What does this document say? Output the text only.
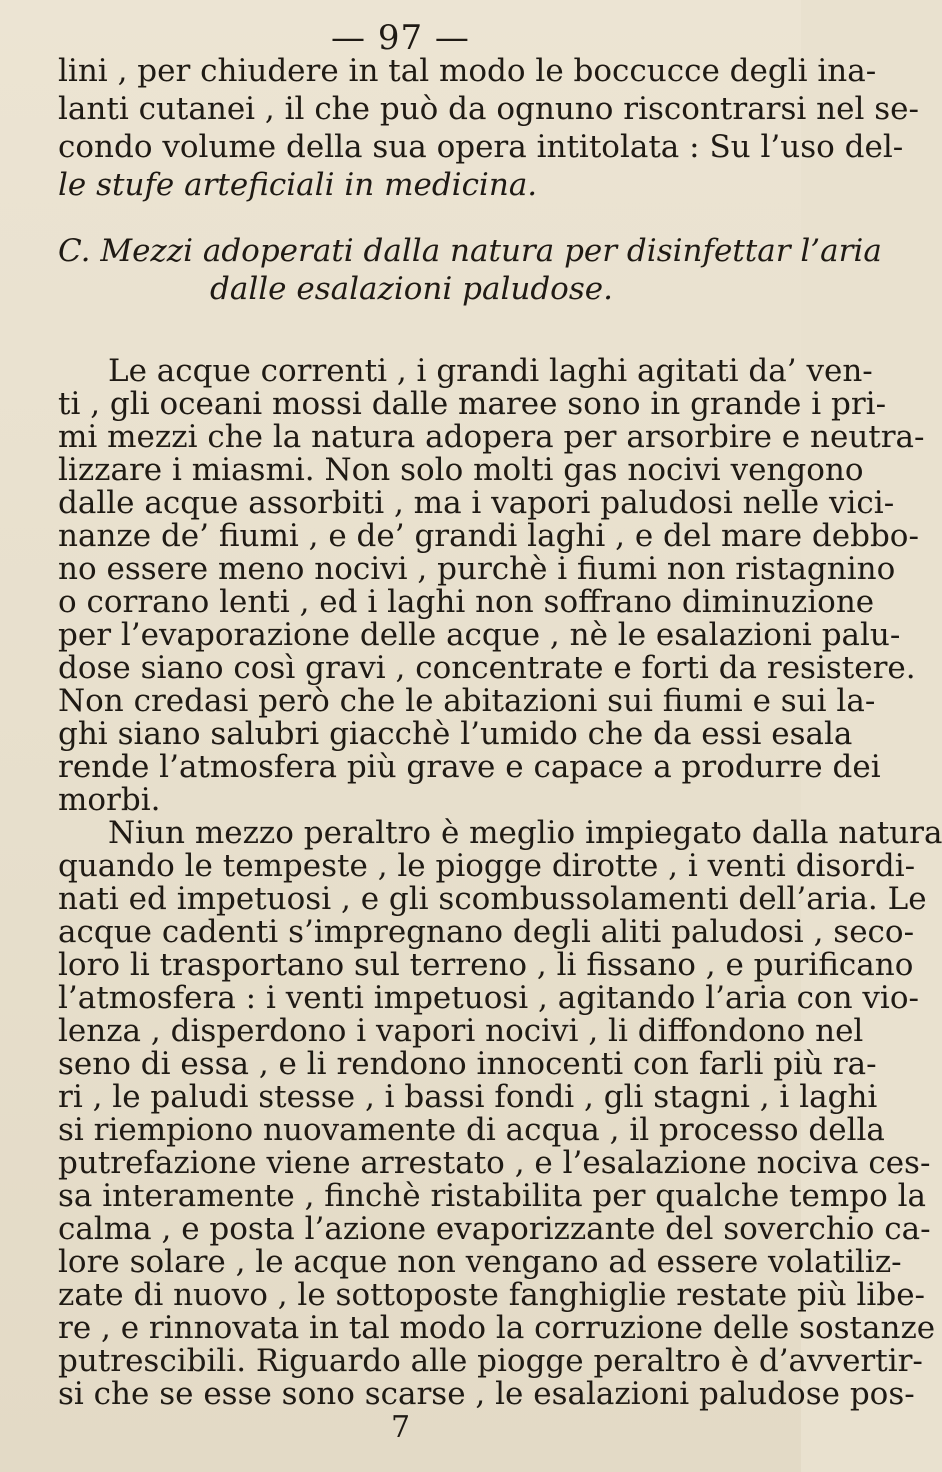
— 97 —
lini , per chiudere in tal modo le boccucce degli ina-
lanti cutanei , il che può da ognuno riscontrarsi nel se-
condo volume della sua opera intitolata : Su l’uso del-
le stufe arteficiali in medicina.
C. Mezzi adoperati dalla natura per disinfettar l’aria
dalle esalazioni paludose.
Le acque correnti , i grandi laghi agitati da’ ven-
ti , gli oceani mossi dalle maree sono in grande i pri-
mi mezzi che la natura adopera per arsorbire e neutra-
lizzare i miasmi. Non solo molti gas nocivi vengono
dalle acque assorbiti , ma i vapori paludosi nelle vici-
nanze de’ fiumi , e de’ grandi laghi , e del mare debbo-
no essere meno nocivi , purchè i fiumi non ristagnino
o corrano lenti , ed i laghi non soffrano diminuzione
per l’evaporazione delle acque , nè le esalazioni palu-
dose siano così gravi , concentrate e forti da resistere.
Non credasi però che le abitazioni sui fiumi e sui la-
ghi siano salubri giacchè l’umido che da essi esala
rende l’atmosfera più grave e capace a produrre dei
morbi.
Niun mezzo peraltro è meglio impiegato dalla natura
quando le tempeste , le piogge dirotte , i venti disordi-
nati ed impetuosi , e gli scombussolamenti dell’aria. Le
acque cadenti s’impregnano degli aliti paludosi , seco-
loro li trasportano sul terreno , li fissano , e purificano
l’atmosfera : i venti impetuosi , agitando l’aria con vio-
lenza , disperdono i vapori nocivi , li diffondono nel
seno di essa , e li rendono innocenti con farli più ra-
ri , le paludi stesse , i bassi fondi , gli stagni , i laghi
si riempiono nuovamente di acqua , il processo della
putrefazione viene arrestato , e l’esalazione nociva ces-
sa interamente , finchè ristabilita per qualche tempo la
calma , e posta l’azione evaporizzante del soverchio ca-
lore solare , le acque non vengano ad essere volatiliz-
zate di nuovo , le sottoposte fanghiglie restate più libe-
re , e rinnovata in tal modo la corruzione delle sostanze
putrescibili. Riguardo alle piogge peraltro è d’avvertir-
si che se esse sono scarse , le esalazioni paludose pos-
7
